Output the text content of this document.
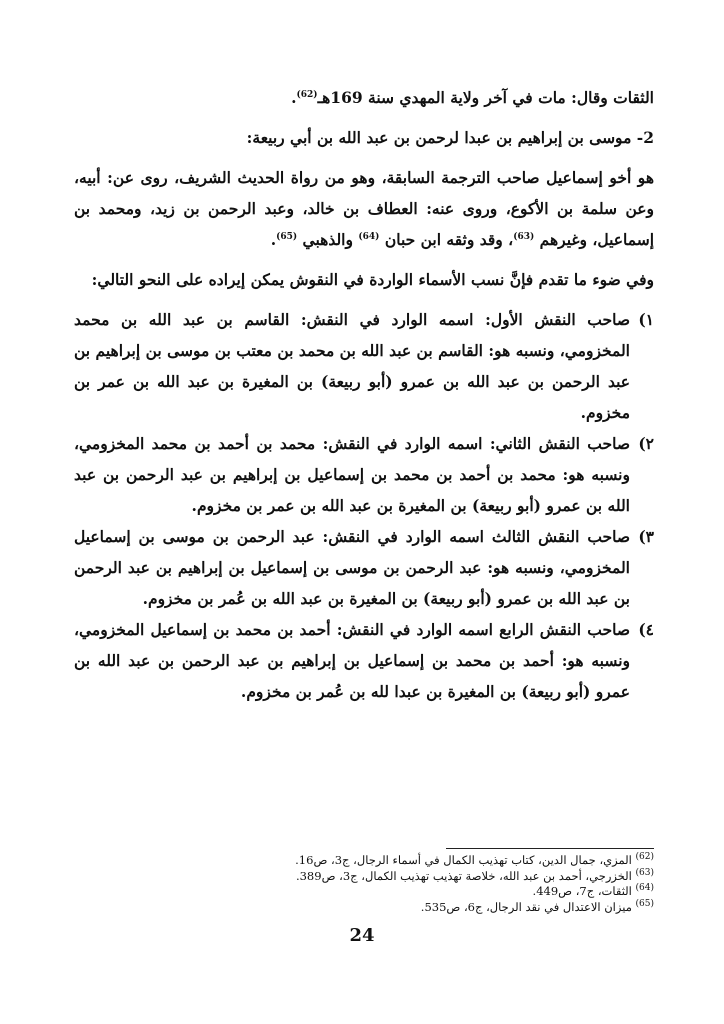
الثقات وقال: مات في آخر ولاية المهدي سنة 169هـ$^{(62)}$.

2- موسى بن إبراهيم بن عبدا لرحمن بن عبد الله بن أبي ربيعة:

هو أخو إسماعيل صاحب الترجمة السابقة، وهو من رواة الحديث الشريف، روى عن: أبيه، وعن سلمة بن الأكوع، وروى عنه: العطاف بن خالد، وعبد الرحمن بن زيد، ومحمد بن إسماعيل، وغيرهم $^{(63)}$، وقد وثقه ابن حبان $^{(64)}$ والذهبي $^{(65)}$.

وفي ضوء ما تقدم فإنَّ نسب الأسماء الواردة في النقوش يمكن إيراده على النحو التالي:

١)

صاحب النقش الأول: اسمه الوارد في النقش: القاسم بن عبد الله بن محمد المخزومي، ونسبه هو: القاسم بن عبد الله بن محمد بن معتب بن موسى بن إبراهيم بن عبد الرحمن بن عبد الله بن عمرو (أبو ربيعة) بن المغيرة بن عبد الله بن عمر بن مخزوم.

٢)

صاحب النقش الثاني: اسمه الوارد في النقش: محمد بن أحمد بن محمد المخزومي، ونسبه هو: محمد بن أحمد بن محمد بن إسماعيل بن إبراهيم بن عبد الرحمن بن عبد الله بن عمرو (أبو ربيعة) بن المغيرة بن عبد الله بن عمر بن مخزوم.

٣)

صاحب النقش الثالث اسمه الوارد في النقش: عبد الرحمن بن موسى بن إسماعيل المخزومي، ونسبه هو: عبد الرحمن بن موسى بن إسماعيل بن إبراهيم بن عبد الرحمن بن عبد الله بن عمرو (أبو ربيعة) بن المغيرة بن عبد الله بن عُمر بن مخزوم.

٤)

صاحب النقش الرابع اسمه الوارد في النقش: أحمد بن محمد بن إسماعيل المخزومي، ونسبه هو: أحمد بن محمد بن إسماعيل بن إبراهيم بن عبد الرحمن بن عبد الله بن عمرو (أبو ربيعة) بن المغيرة بن عبدا لله بن عُمر بن مخزوم.

$^{(62)}$ المزي، جمال الدين، كتاب تهذيب الكمال في أسماء الرجال، ج3، ص16.

$^{(63)}$ الخزرجي، أحمد بن عبد الله، خلاصة تهذيب تهذيب الكمال، ج3، ص389.

$^{(64)}$ الثقات، ج7، ص449.

$^{(65)}$ ميزان الاعتدال في نقد الرجال، ج6، ص535.

24
